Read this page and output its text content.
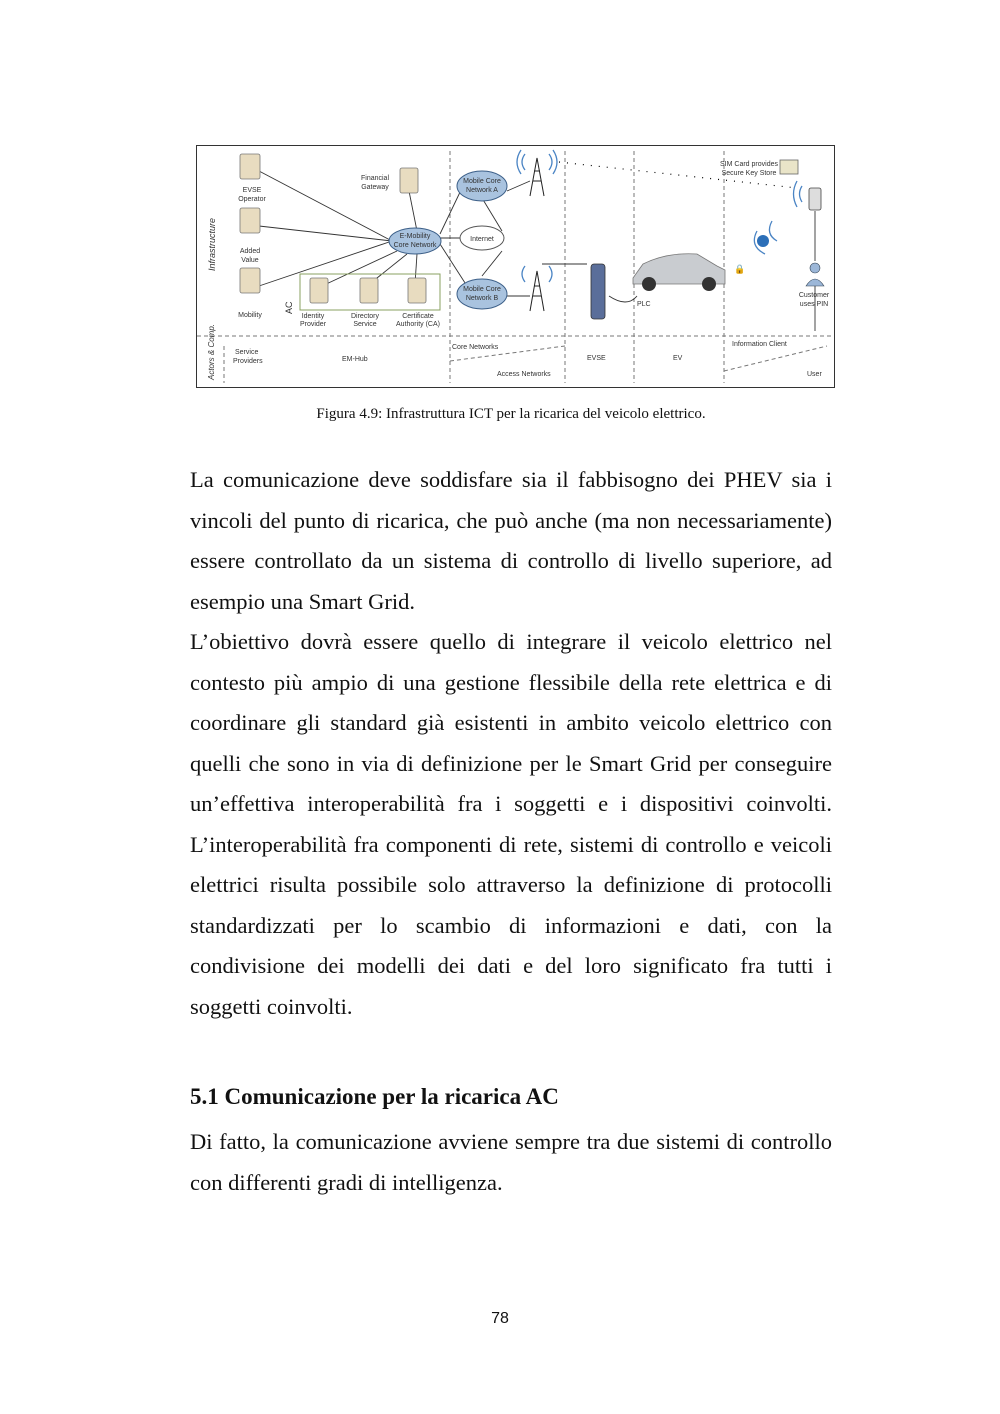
Infrastructure
Actors & Comp.
AC
EVSE
Operator
Added
Value
Mobility
Financial
Gateway
Identity
Provider
Directory
Service
Certificate
Authority (CA)
E-Mobility
Core Network
Mobile Core
Network A
Internet
Mobile Core
Network B
PLC
🔒
SIM Card provides
Secure Key Store
Customer
uses PIN
Service
Providers	EM-Hub
Core Networks
Access Networks
EVSE	EV
Information Client
User
Figura 4.9: Infrastruttura ICT per la ricarica del veicolo elettrico.

La comunicazione deve soddisfare sia il fabbisogno dei PHEV sia i vincoli del punto di ricarica, che può anche (ma non necessariamente) essere controllato da un sistema di controllo di livello superiore, ad esempio una Smart Grid.

L’obiettivo dovrà essere quello di integrare il veicolo elettrico nel contesto più ampio di una gestione flessibile della rete elettrica e di coordinare gli standard già esistenti in ambito veicolo elettrico con quelli che sono in via di definizione per le Smart Grid per conseguire un’effettiva interoperabilità fra i soggetti e i dispositivi coinvolti. L’interoperabilità fra componenti di rete, sistemi di controllo e veicoli elettrici risulta possibile solo attraverso la definizione di protocolli standardizzati per lo scambio di informazioni e dati, con la condivisione dei modelli dei dati e del loro significato fra tutti i soggetti coinvolti.

5.1 Comunicazione per la ricarica AC

Di fatto, la comunicazione avviene sempre tra due sistemi di controllo con differenti gradi di intelligenza.

78
